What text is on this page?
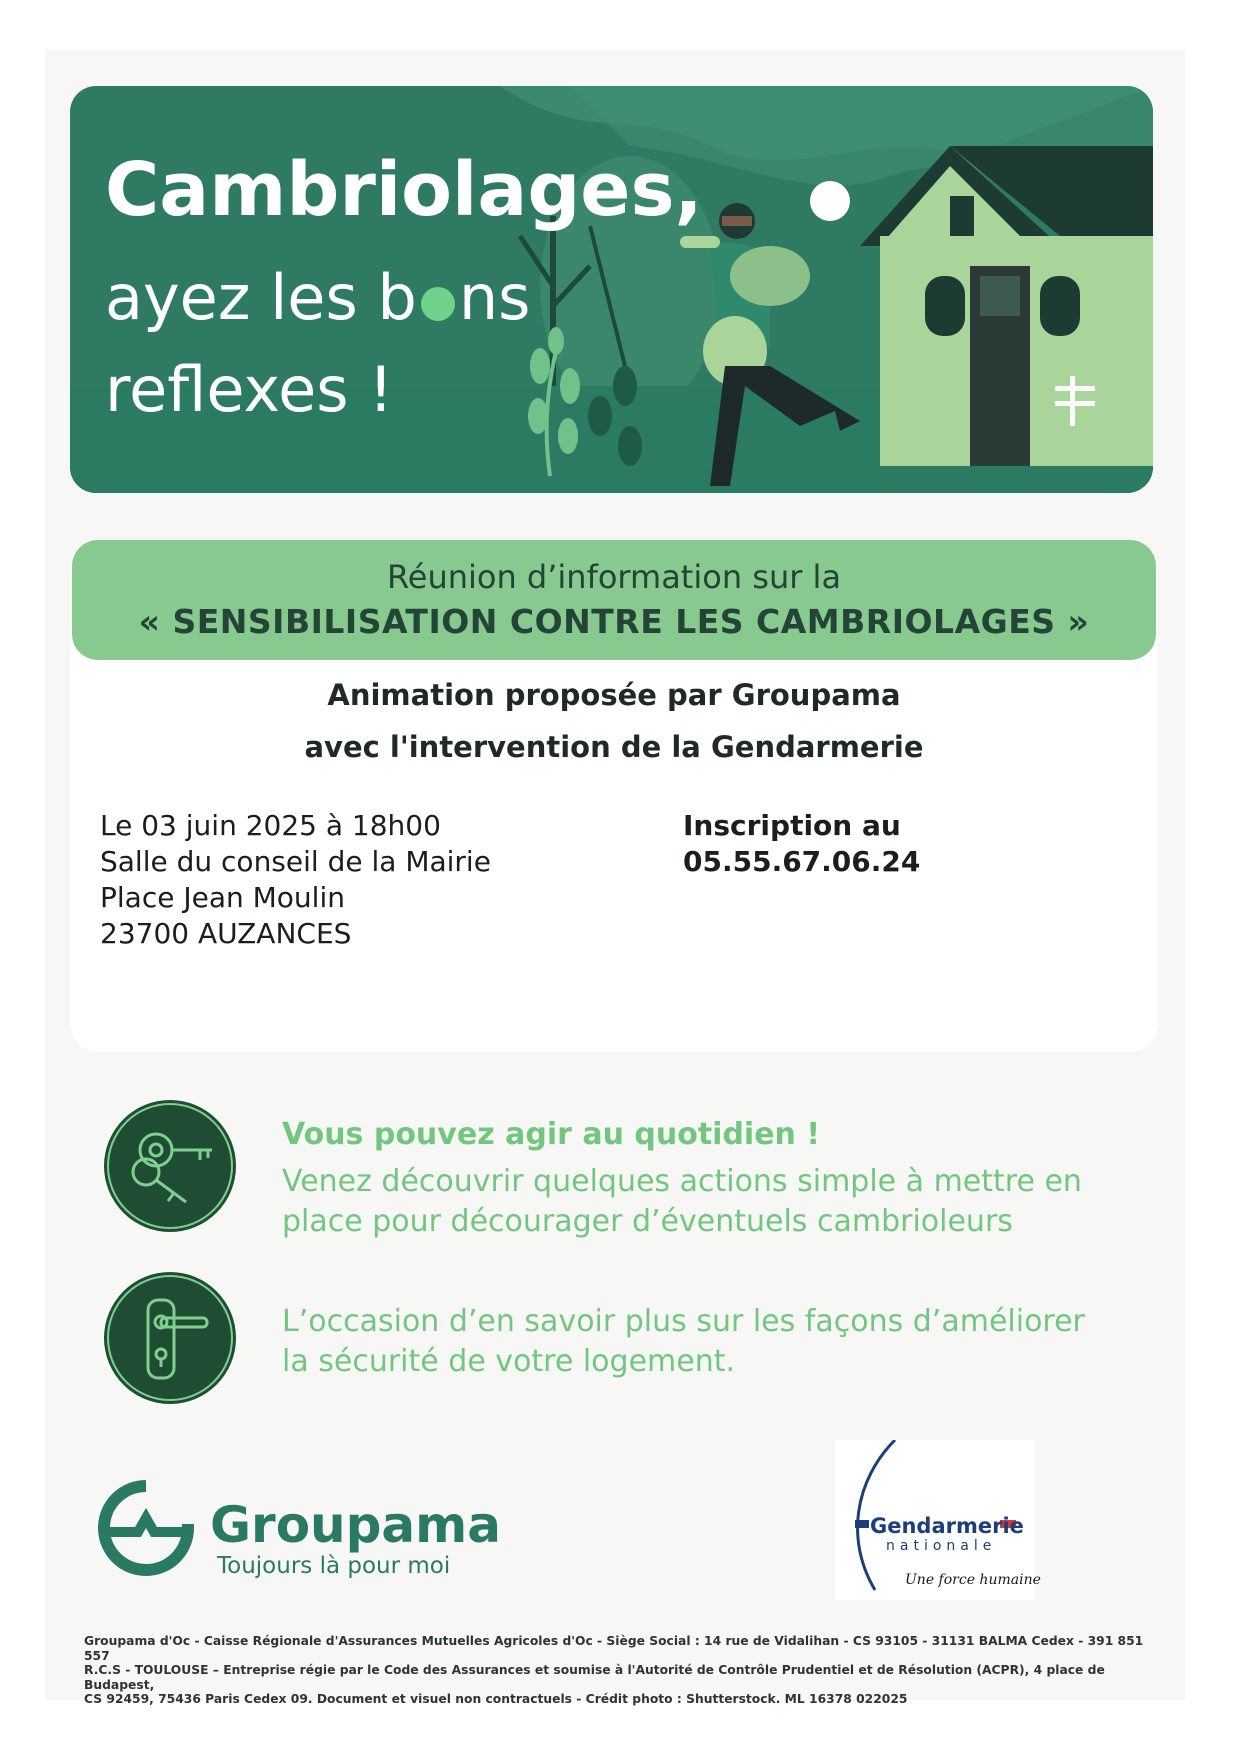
Cambriolages,
ayez les b ns
reflexes !
Réunion d’information sur la
« SENSIBILISATION CONTRE LES CAMBRIOLAGES »
Animation proposée par Groupama
avec l'intervention de la Gendarmerie
Le 03 juin 2025 à 18h00
Salle du conseil de la Mairie
Place Jean Moulin
23700 AUZANCES
Inscription au
05.55.67.06.24
Vous pouvez agir au quotidien !
Venez découvrir quelques actions simple à mettre en
place pour décourager d’éventuels cambrioleurs
L’occasion d’en savoir plus sur les façons d’améliorer
la sécurité de votre logement.
Groupama
Toujours là pour moi
Gendarmerie
nationale
Une force humaine
Groupama d'Oc - Caisse Régionale d'Assurances Mutuelles Agricoles d'Oc - Siège Social : 14 rue de Vidalihan - CS 93105 - 31131 BALMA Cedex - 391 851 557
R.C.S - TOULOUSE – Entreprise régie par le Code des Assurances et soumise à l'Autorité de Contrôle Prudentiel et de Résolution (ACPR), 4 place de Budapest,
CS 92459, 75436 Paris Cedex 09. Document et visuel non contractuels - Crédit photo : Shutterstock. ML 16378 022025
